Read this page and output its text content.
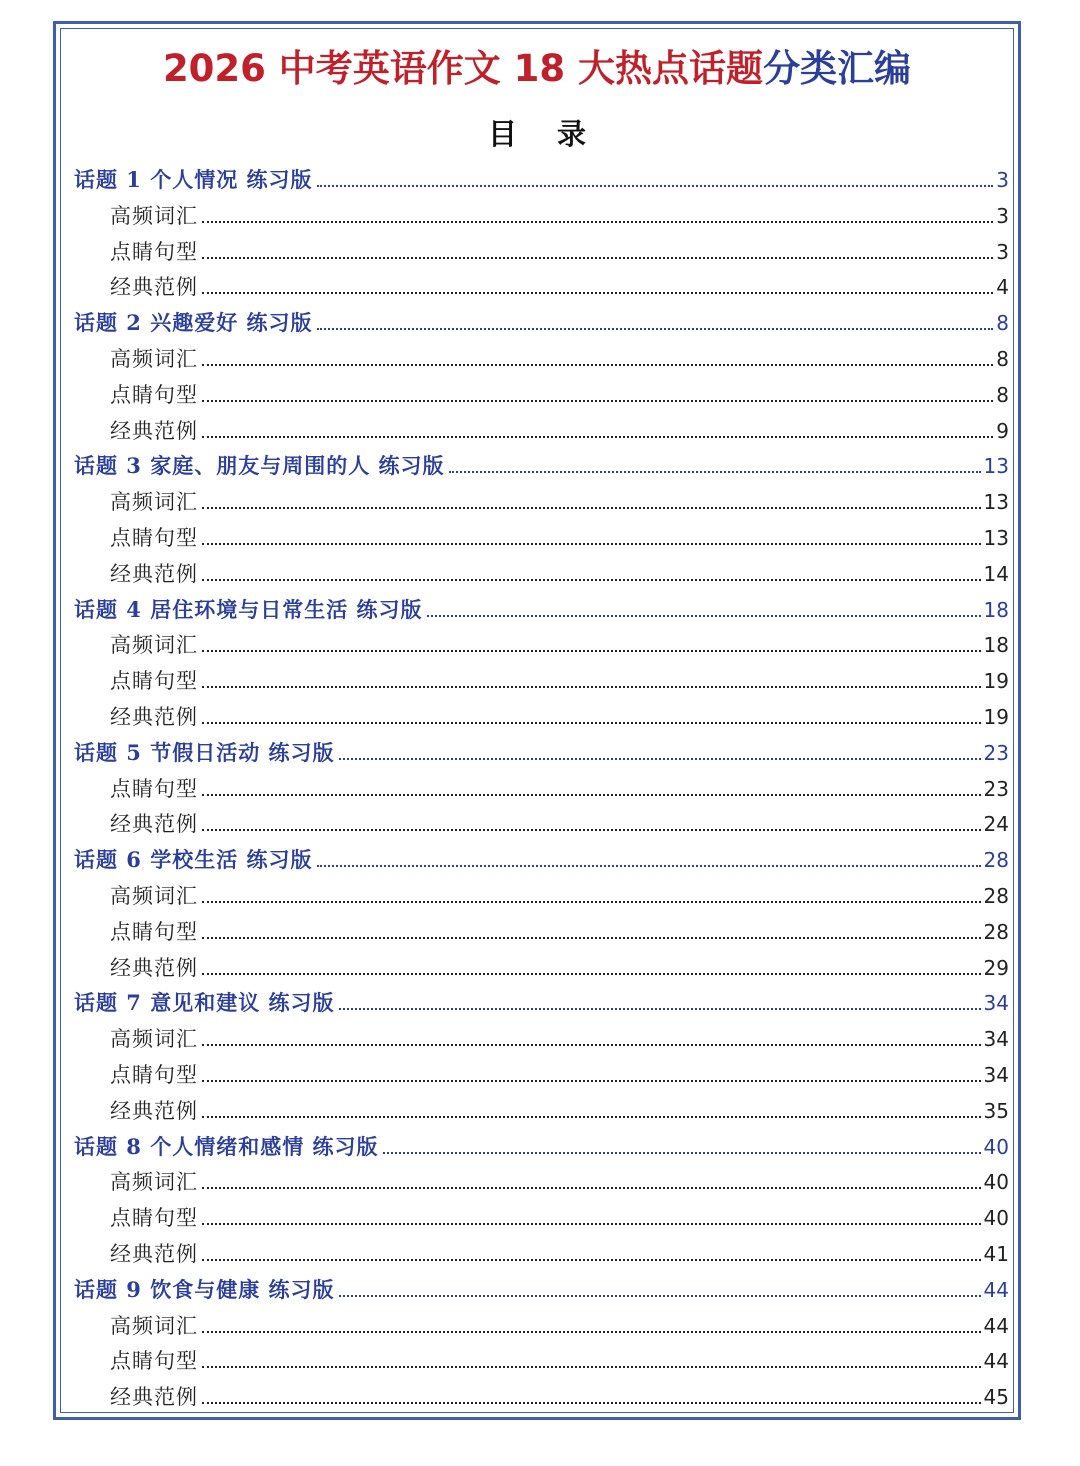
2026 中考英语作文 18 大热点话题分类汇编
目录
话题 1 个人情况 练习版	3
高频词汇	3
点睛句型	3
经典范例	4
话题 2 兴趣爱好 练习版	8
高频词汇	8
点睛句型	8
经典范例	9
话题 3 家庭、朋友与周围的人 练习版	13
高频词汇	13
点睛句型	13
经典范例	14
话题 4 居住环境与日常生活 练习版	18
高频词汇	18
点睛句型	19
经典范例	19
话题 5 节假日活动 练习版	23
点睛句型	23
经典范例	24
话题 6 学校生活 练习版	28
高频词汇	28
点睛句型	28
经典范例	29
话题 7 意见和建议 练习版	34
高频词汇	34
点睛句型	34
经典范例	35
话题 8 个人情绪和感情 练习版	40
高频词汇	40
点睛句型	40
经典范例	41
话题 9 饮食与健康 练习版	44
高频词汇	44
点睛句型	44
经典范例	45
